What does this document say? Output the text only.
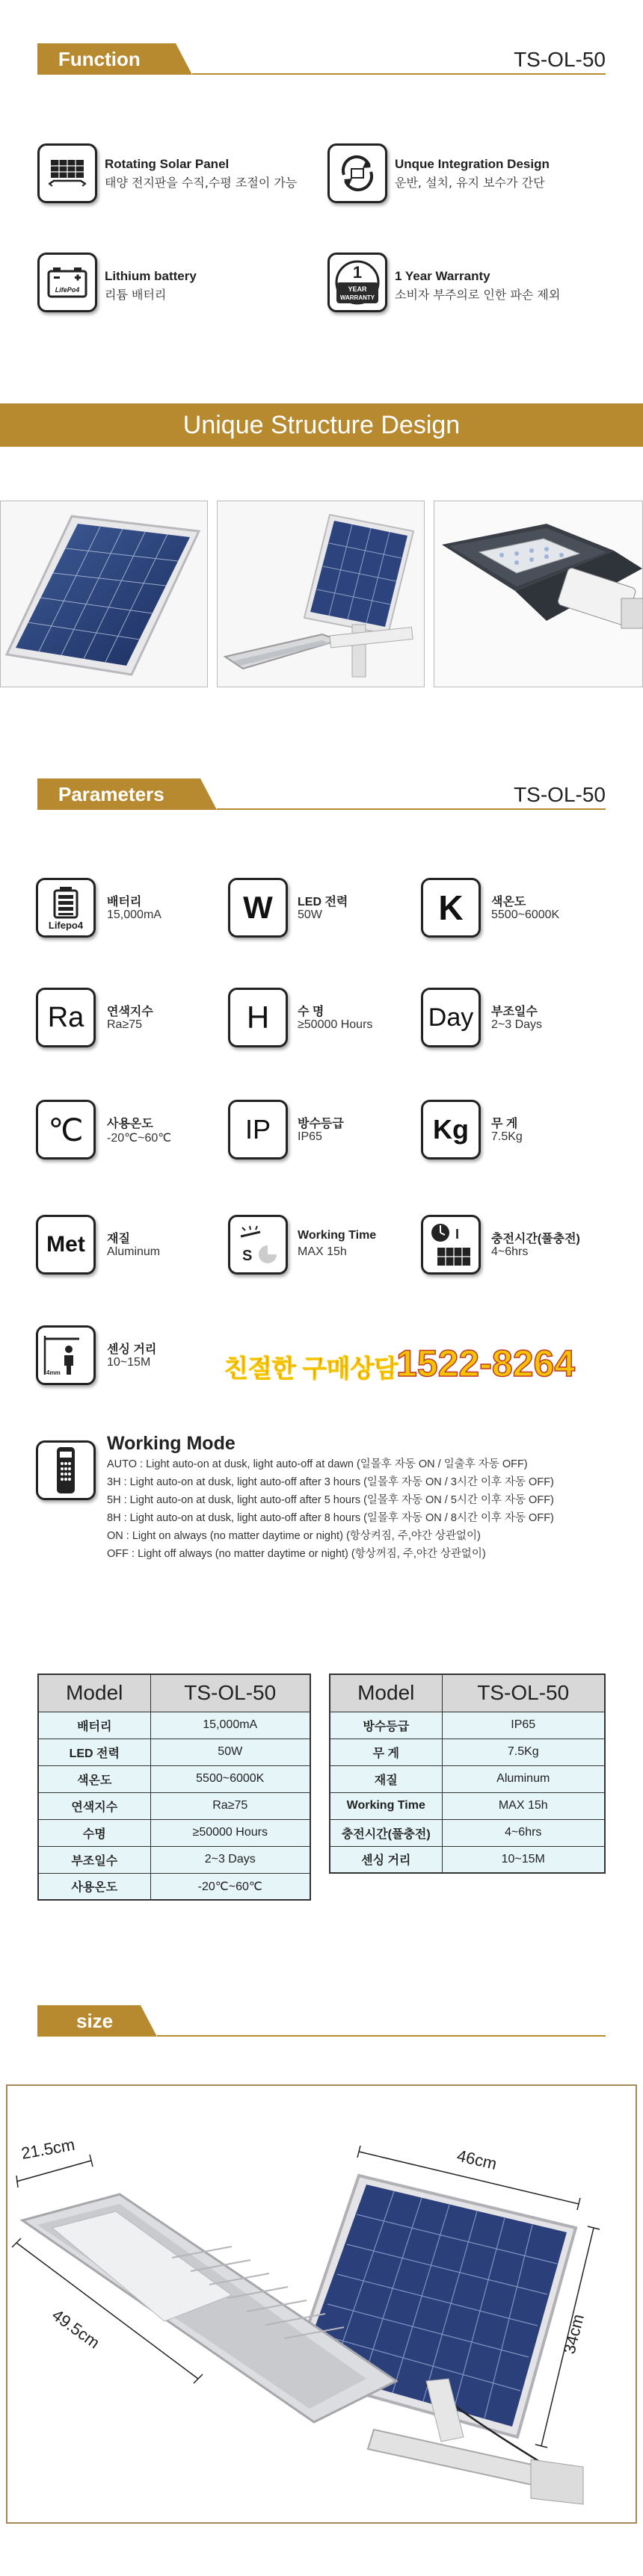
Function	TS-OL-50
Rotating Solar Panel
태양 전지판을 수직,수평 조절이 가능
Unque Integration Design
운반, 설치, 유지 보수가 간단
LifePo4
Lithium battery
리튬 배터리
1
YEAR
WARRANTY
1 Year Warranty
소비자 부주의로 인한 파손 제외
Unique Structure Design
Parameters	TS-OL-50
Lifepo4
배터리
15,000mA	W	LED 전력
50W	K	색온도
5500~6000K
Ra	연색지수
Ra≥75	H	수 명
≥50000 Hours Day	부조일수
2~3 Days
℃	사용온도
-20℃~60℃	IP	방수등급
IP65	Kg	무 게
7.5Kg
Met	재질
Aluminum	S
Working Time
MAX 15h
I	충전시간(풀충전)
4~6hrs
4mm
센싱 거리
10~15M	친절한 구매상담
1522-8264
Working Mode
AUTO : Light auto-on at dusk, light auto-off at dawn (일몰후 자동 ON / 일출후 자동 OFF)
3H : Light auto-on at dusk, light auto-off after 3 hours (일몰후 자동 ON / 3시간 이후 자동 OFF)
5H : Light auto-on at dusk, light auto-off after 5 hours (일몰후 자동 ON / 5시간 이후 자동 OFF)
8H : Light auto-on at dusk, light auto-off after 8 hours (일몰후 자동 ON / 8시간 이후 자동 OFF)
ON : Light on always (no matter daytime or night) (항상켜짐, 주,야간 상관없이)
OFF : Light off always (no matter daytime or night) (항상꺼짐, 주,야간 상관없이)
Model	TS-OL-50
배터리	15,000mA
LED 전력	50W
색온도	5500~6000K
연색지수	Ra≥75
수명	≥50000 Hours
부조일수	2~3 Days
사용온도	-20℃~60℃
Model	TS-OL-50
방수등급	IP65
무 게	7.5Kg
재질	Aluminum
Working Time	MAX 15h
충전시간(풀충전)	4~6hrs
센싱 거리	10~15M
size
21.5cm
49.5cm
46cm
34cm
